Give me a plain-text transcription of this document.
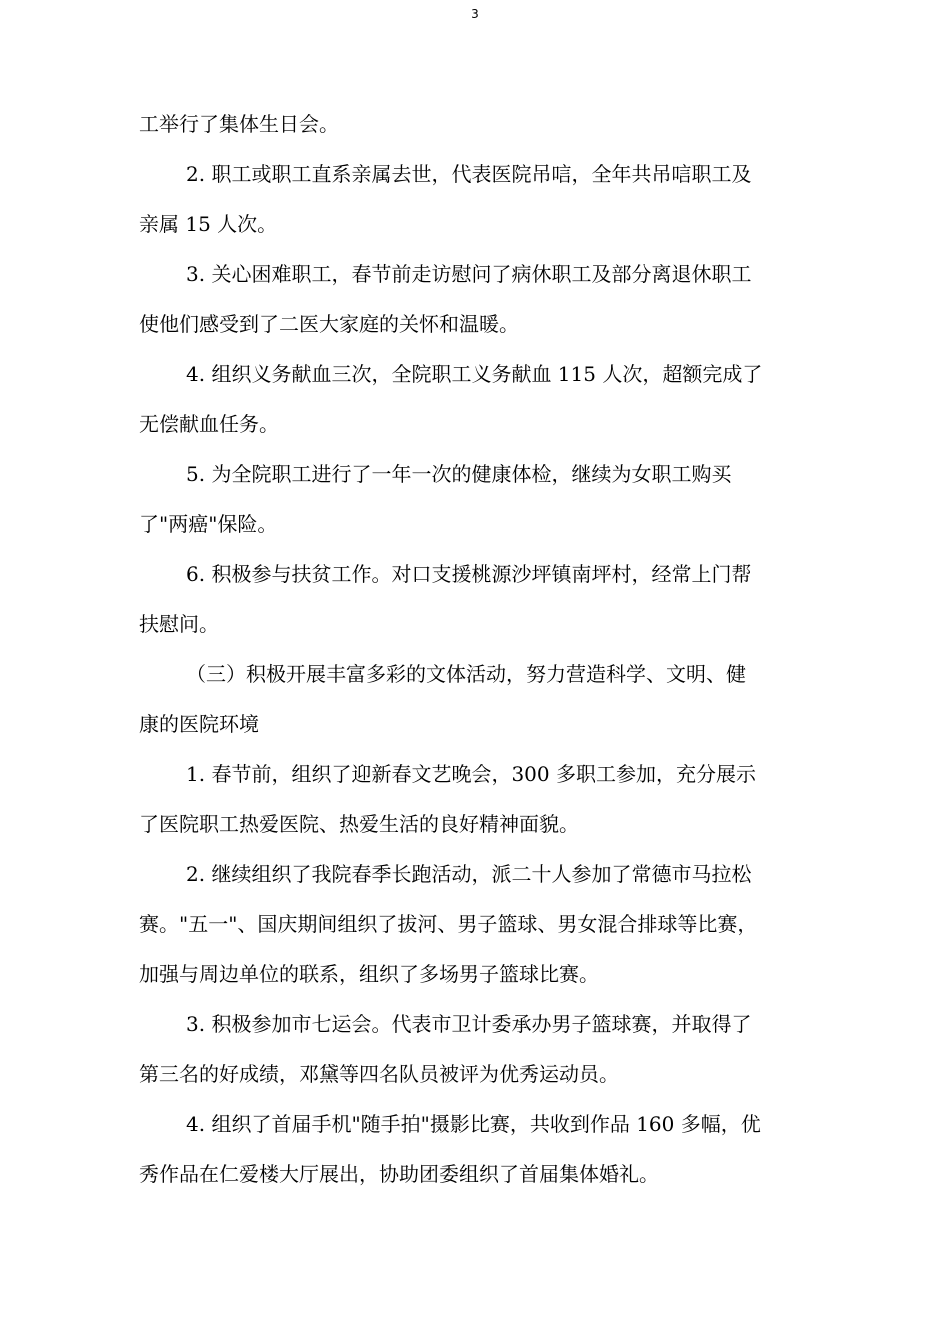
3
工举行了集体生日会。
2. 职工或职工直系亲属去世，代表医院吊唁，全年共吊唁职工及
亲属 15 人次。
3. 关心困难职工，春节前走访慰问了病休职工及部分离退休职工
使他们感受到了二医大家庭的关怀和温暖。
4. 组织义务献血三次，全院职工义务献血 115 人次，超额完成了
无偿献血任务。
5. 为全院职工进行了一年一次的健康体检，继续为女职工购买
了"两癌"保险。
6. 积极参与扶贫工作。对口支援桃源沙坪镇南坪村，经常上门帮
扶慰问。
（三）积极开展丰富多彩的文体活动，努力营造科学、文明、健
康的医院环境
1. 春节前，组织了迎新春文艺晚会，300 多职工参加，充分展示
了医院职工热爱医院、热爱生活的良好精神面貌。
2. 继续组织了我院春季长跑活动，派二十人参加了常德市马拉松
赛。"五一"、国庆期间组织了拔河、男子篮球、男女混合排球等比赛，
加强与周边单位的联系，组织了多场男子篮球比赛。
3. 积极参加市七运会。代表市卫计委承办男子篮球赛，并取得了
第三名的好成绩，邓黛等四名队员被评为优秀运动员。
4. 组织了首届手机"随手拍"摄影比赛，共收到作品 160 多幅，优
秀作品在仁爱楼大厅展出，协助团委组织了首届集体婚礼。
